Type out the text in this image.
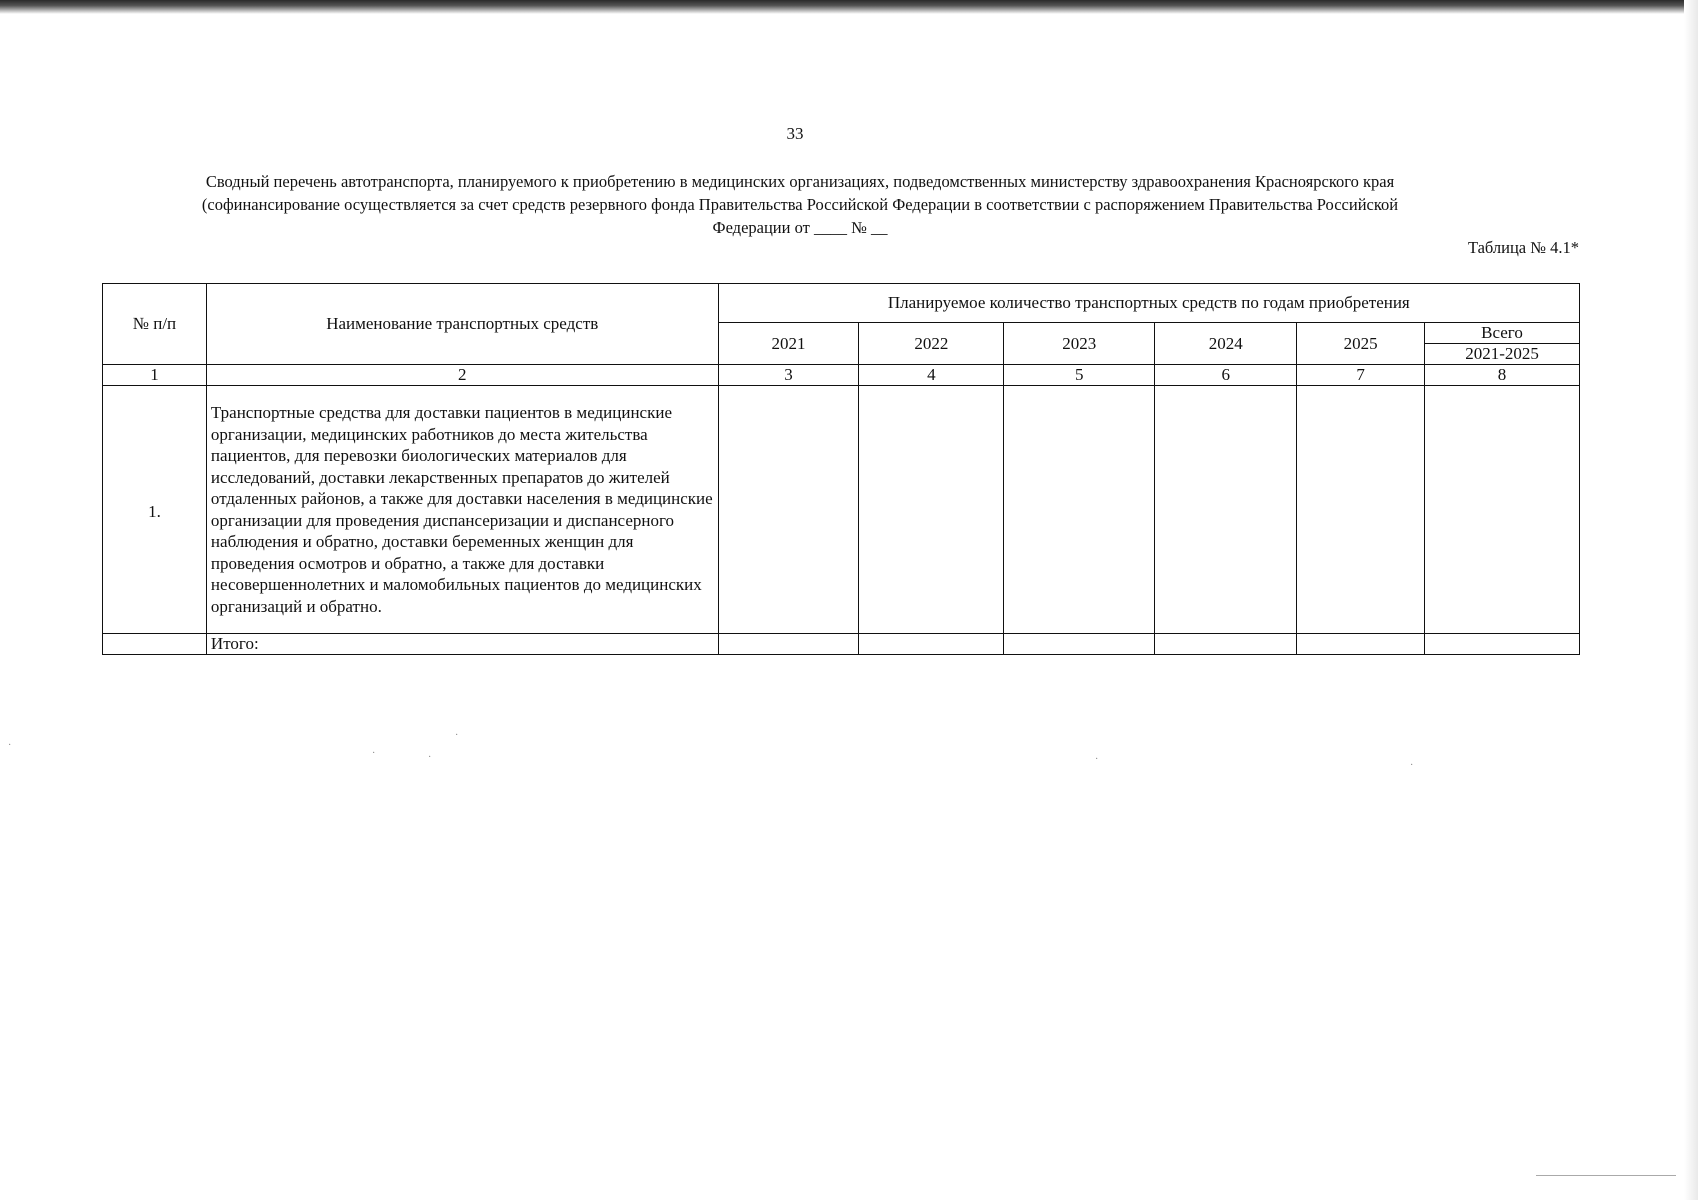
33
Сводный перечень автотранспорта, планируемого к приобретению в медицинских организациях, подведомственных министерству здравоохранения Красноярского края
(софинансирование осуществляется за счет средств резервного фонда Правительства Российской Федерации в соответствии с распоряжением Правительства Российской
Федерации от ____ № __
Таблица № 4.1*
№ п/п	Наименование транспортных средств	Планируемое количество транспортных средств по годам приобретения					
		2021	2022	2023	2024	2025	Всего
							2021-2025
1	2	3	4	5	6	7	8
1.	Транспортные средства для доставки пациентов в медицинские организации, медицинских работников до места жительства пациентов, для перевозки биологических материалов для исследований, доставки лекарственных препаратов до жителей отдаленных районов, а также для доставки населения в медицинские организации для проведения диспансеризации и диспансерного наблюдения и обратно, доставки беременных женщин для проведения осмотров и обратно, а также для доставки несовершеннолетних и маломобильных пациентов до медицинских организаций и обратно.						
	Итого:						
·
·	·
·
·
·
